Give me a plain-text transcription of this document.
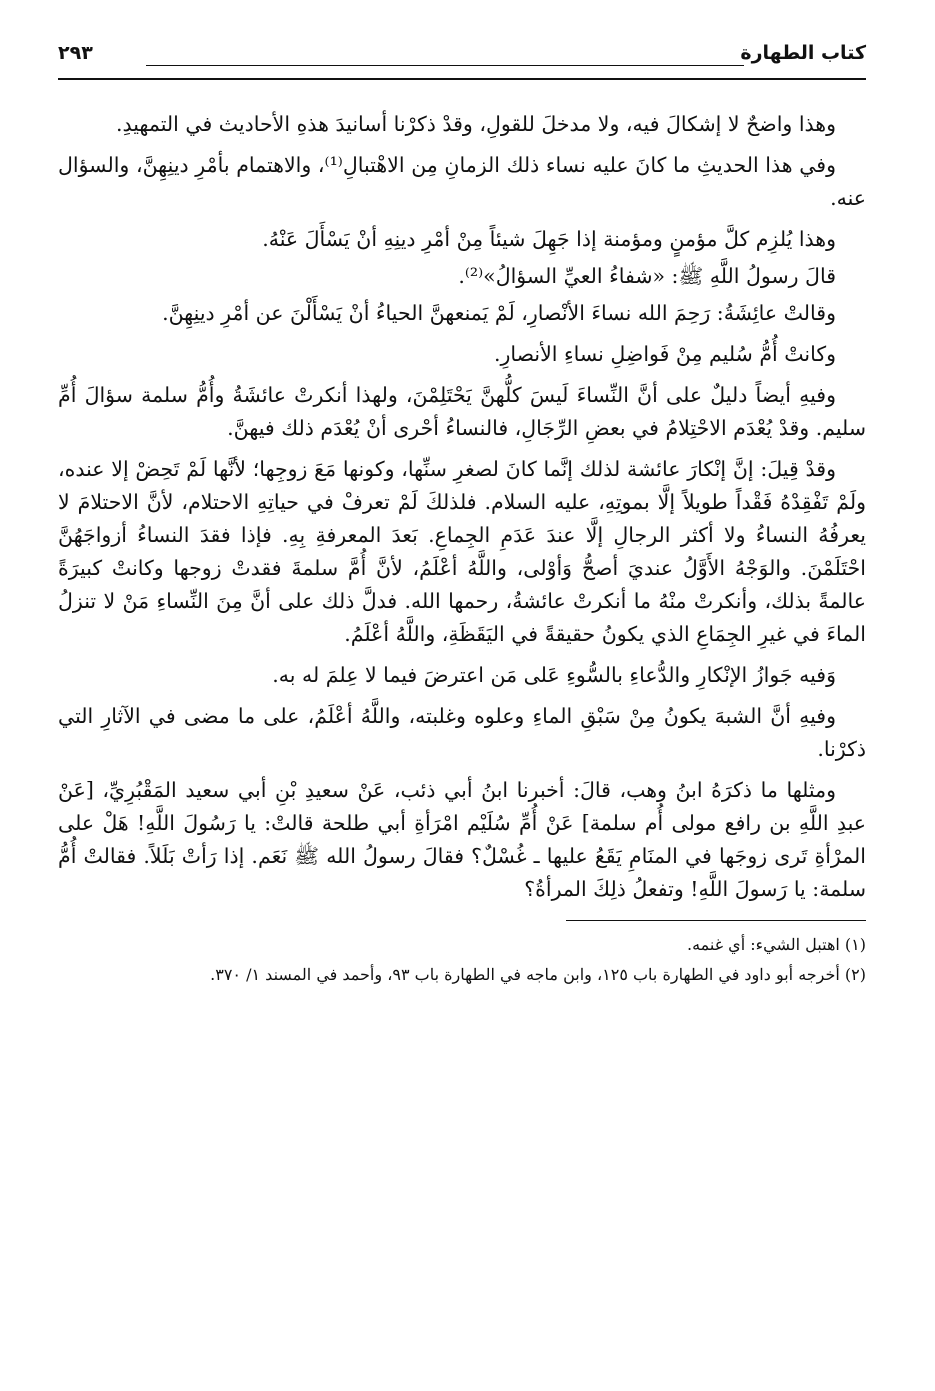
كتاب الطهارة
٢٩٣

وهذا واضحٌ لا إشكالَ فيه، ولا مدخلَ للقولِ، وقدْ ذكرْنا أسانيدَ هذهِ الأحاديث في التمهيدِ.

وفي هذا الحديثِ ما كانَ عليه نساء ذلك الزمانِ مِن الاهْتبالِ⁽¹⁾، والاهتمام بأمْرِ دينِهِنَّ، والسؤال عنه.

وهذا يُلزِم كلَّ مؤمنٍ ومؤمنة إذا جَهِلَ شيئاً مِنْ أمْرِ دينِهِ أنْ يَسْأَلَ عَنْهُ.

قالَ رسولُ اللَّهِ ﷺ: «شفاءُ العيِّ السؤالُ»⁽²⁾.

وقالتْ عائِشَةُ: رَحِمَ الله نساءَ الأنْصارِ، لَمْ يَمنعهنَّ الحياءُ أنْ يَسْأَلْنَ عن أمْرِ دينِهِنَّ.

وكانتْ أُمُّ سُليم مِنْ فَواضِلِ نساءِ الأنصارِ.

وفيهِ أيضاً دليلٌ على أنَّ النِّساءَ لَيسَ كلُّهنَّ يَحْتَلِمْنَ، ولهذا أنكرتْ عائشَةُ وأُمُّ سلمة سؤالَ أُمِّ سليم. وقدْ يُعْدَم الاحْتِلامُ في بعضِ الرِّجَالِ، فالنساءُ أحْرى أنْ يُعْدَم ذلك فيهنَّ.

وقدْ قِيلَ: إنَّ إنْكارَ عائشة لذلك إنَّما كانَ لصغرِ سنِّها، وكونها مَعَ زوجِها؛ لأنَّها لَمْ تَحِضْ إلا عنده، ولَمْ تَفْقِدْهُ فَقْداً طويلاً إلَّا بموتِهِ، عليه السلام. فلذلكَ لَمْ تعرفْ في حياتِهِ الاحتلام، لأنَّ الاحتلامَ لا يعرفُهُ النساءُ ولا أكثر الرجالِ إلَّا عندَ عَدَمِ الجِماعِ. بَعدَ المعرفةِ بِهِ. فإذا فقدَ النساءُ أزواجَهُنَّ احْتَلَمْنَ. والوَجْهُ الأَوَّلُ عنديَ أصحُّ وَأوْلى، واللَّهُ أعْلَمُ، لأنَّ أُمَّ سلمةَ فقدتْ زوجها وكانتْ كبيرَةً عالمةً بذلك، وأنكرتْ منْهُ ما أنكرتْ عائشةُ، رحمها الله. فدلَّ ذلك على أنَّ مِنَ النِّساءِ مَنْ لا تنزلُ الماءَ في غيرِ الجِمَاعِ الذي يكونُ حقيقةً في اليَقَظَةِ، واللَّهُ أعْلَمُ.

وَفيه جَوازُ الإنْكارِ والدُّعاءِ بالسُّوءِ عَلى مَن اعترضَ فيما لا عِلمَ له به.

وفيهِ أنَّ الشبهَ يكونُ مِنْ سَبْقِ الماءِ وعلوه وغلبته، واللَّهُ أعْلَمُ، على ما مضى في الآثارِ التي ذكرْنا.

ومثلها ما ذكرَهُ ابنُ وهب، قالَ: أخبرنا ابنُ أبي ذئب، عَنْ سعيدِ بْنِ أبي سعيد المَقْبُرِيِّ، [عَنْ عبدِ اللَّهِ بن رافع مولى أُم سلمة] عَنْ أُمِّ سُلَيْم امْرَأةِ أبي طلحة قالتْ: يا رَسُولَ اللَّهِ! هَلْ على المرْأةِ تَرى زوجَها في المنَامِ يَقَعُ عليها ـ غُسْلٌ؟ فقالَ رسولُ الله ﷺ نَعَم. إذا رَأتْ بَلَلاً. فقالتْ أُمُّ سلمة: يا رَسولَ اللَّهِ! وتفعلُ ذلِكَ المرأةُ؟

(١) اهتبل الشيء: أي غنمه.

(٢) أخرجه أبو داود في الطهارة باب ١٢٥، وابن ماجه في الطهارة باب ٩٣، وأحمد في المسند ١/ ٣٧٠.
